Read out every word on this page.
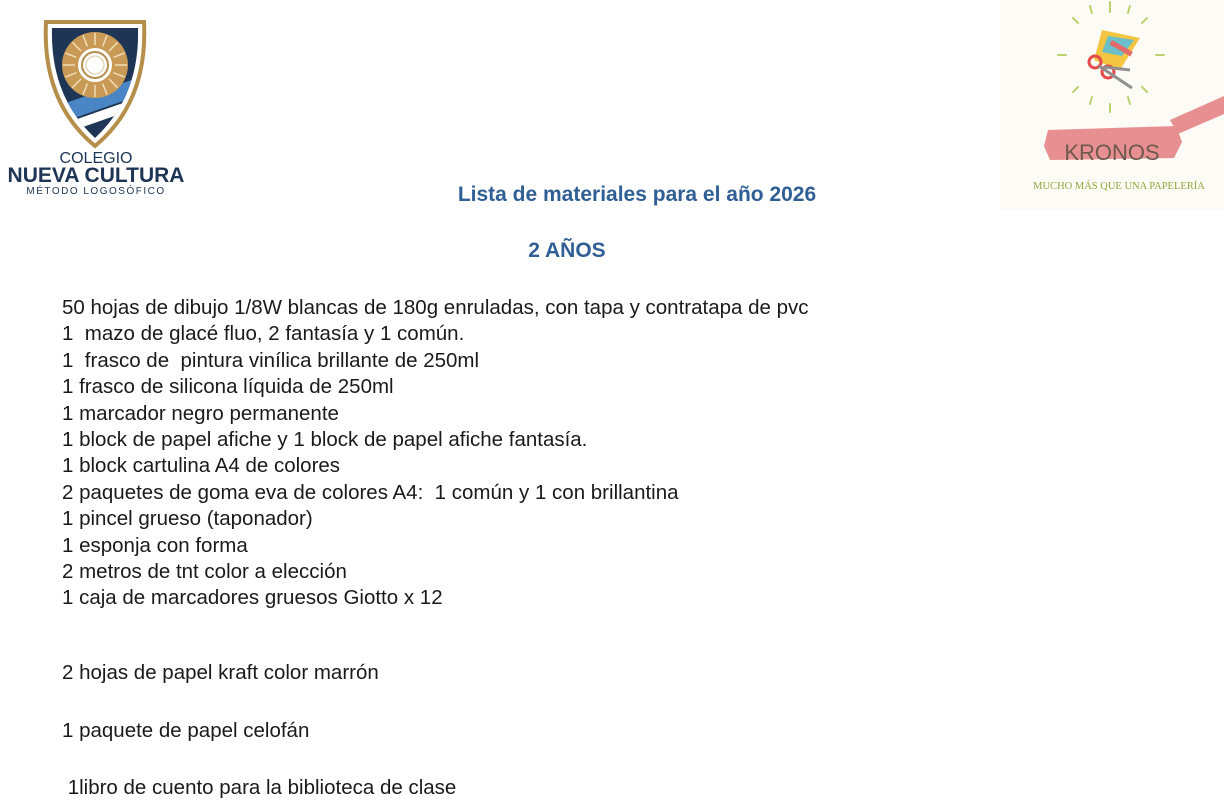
COLEGIO
NUEVA CULTURA
MÉTODO LOGOSÓFICO
KRONOS
MUCHO MÁS QUE UNA PAPELERÍA
Lista de materiales para el año 2026
2 AÑOS
50 hojas de dibujo 1/8W blancas de 180g enruladas, con tapa y contratapa de pvc
1  mazo de glacé fluo, 2 fantasía y 1 común.
1  frasco de  pintura vinílica brillante de 250ml
1 frasco de silicona líquida de 250ml
1 marcador negro permanente
1 block de papel afiche y 1 block de papel afiche fantasía.
1 block cartulina A4 de colores
2 paquetes de goma eva de colores A4:  1 común y 1 con brillantina
1 pincel grueso (taponador)
1 esponja con forma
2 metros de tnt color a elección
1 caja de marcadores gruesos Giotto x 12
2 hojas de papel kraft color marrón
1 paquete de papel celofán
1libro de cuento para la biblioteca de clase
